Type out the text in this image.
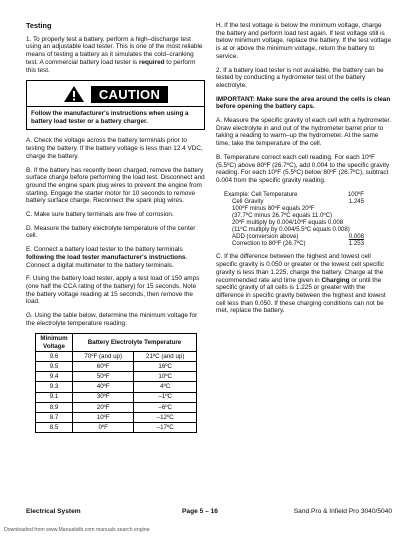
Testing

1. To properly test a battery, perform a high–discharge test using an adjustable load tester. This is one of the most reliable means of testing a battery as it simulates the cold–cranking test. A commercial battery load tester is required to perform this test.

CAUTION
Follow the manufacturer's instructions when using a battery load tester or a battery charger.

A. Check the voltage across the battery terminals prior to testing the battery. If the battery voltage is less than 12.4 VDC, charge the battery.

B. If the battery has recently been charged, remove the battery surface charge before performing the load test. Disconnect and ground the engine spark plug wires to prevent the engine from starting. Engage the starter motor for 10 seconds to remove battery surface charge. Reconnect the spark plug wires.

C. Make sure battery terminals are free of corrosion.

D. Measure the battery electrolyte temperature of the center cell.

E. Connect a battery load tester to the battery terminals following the load tester manufacturer's instructions. Connect a digital multimeter to the battery terminals.

F. Using the battery load tester, apply a test load of 150 amps (one half the CCA rating of the battery) for 15 seconds. Note the battery voltage reading at 15 seconds, then remove the load.

G. Using the table below, determine the minimum voltage for the electrolyte temperature reading:

Minimum Voltage	Battery Electrolyte Temperature	
9.6	70ºF (and up)	21ºC (and up)
9.5	60ºF	16ºC
9.4	50ºF	10ºC
9.3	40ºF	4ºC
9.1	30ºF	–1ºC
8.9	20ºF	–6ºC
8.7	10ºF	–12ºC
8.5	0ºF	–17ºC

H. If the test voltage is below the minimum voltage, charge the battery and perform load test again. If test voltage still is below minimum voltage, replace the battery. If the test voltage is at or above the minimum voltage, return the battery to service.

2. If a battery load tester is not available, the battery can be tested by conducting a hydrometer test of the battery electrolyte.

IMPORTANT: Make sure the area around the cells is clean before opening the battery caps.

A. Measure the specific gravity of each cell with a hydrometer. Draw electrolyte in and out of the hydrometer barrel prior to taking a reading to warm–up the hydrometer. At the same time, take the temperature of the cell.

B. Temperature correct each cell reading. For each 10ºF (5.5ºC) above 80ºF (26.7ºC), add 0.004 to the specific gravity reading. For each 10ºF (5.5ºC) below 80ºF (26.7ºC), subtract 0.004 from the specific gravity reading.

Example: Cell Temperature	100ºF
Cell Gravity	1.245
100ºF minus 80ºF equals 20ºF
(37.7ºC minus 26.7ºC equals 11.0ºC)
20ºF multiply by 0.004/10ºF equals 0.008
(11ºC multiply by 0.004/5.5ºC equals 0.008)
ADD (conversion above)	0.008
Correction to 80ºF (26.7ºC)	1.253

C. If the difference between the highest and lowest cell specific gravity is 0.050 or greater or the lowest cell specific gravity is less than 1.225, charge the battery. Charge at the recommended rate and time given in Charging or until the specific gravity of all cells is 1.225 or greater with the difference in specific gravity between the highest and lowest cell less than 0.050. If these charging conditions can not be met, replace the battery.

Electrical System	Page 5 – 16	Sand Pro & Infield Pro 3040/5040
Downloaded from www.Manualslib.com manuals search engine
